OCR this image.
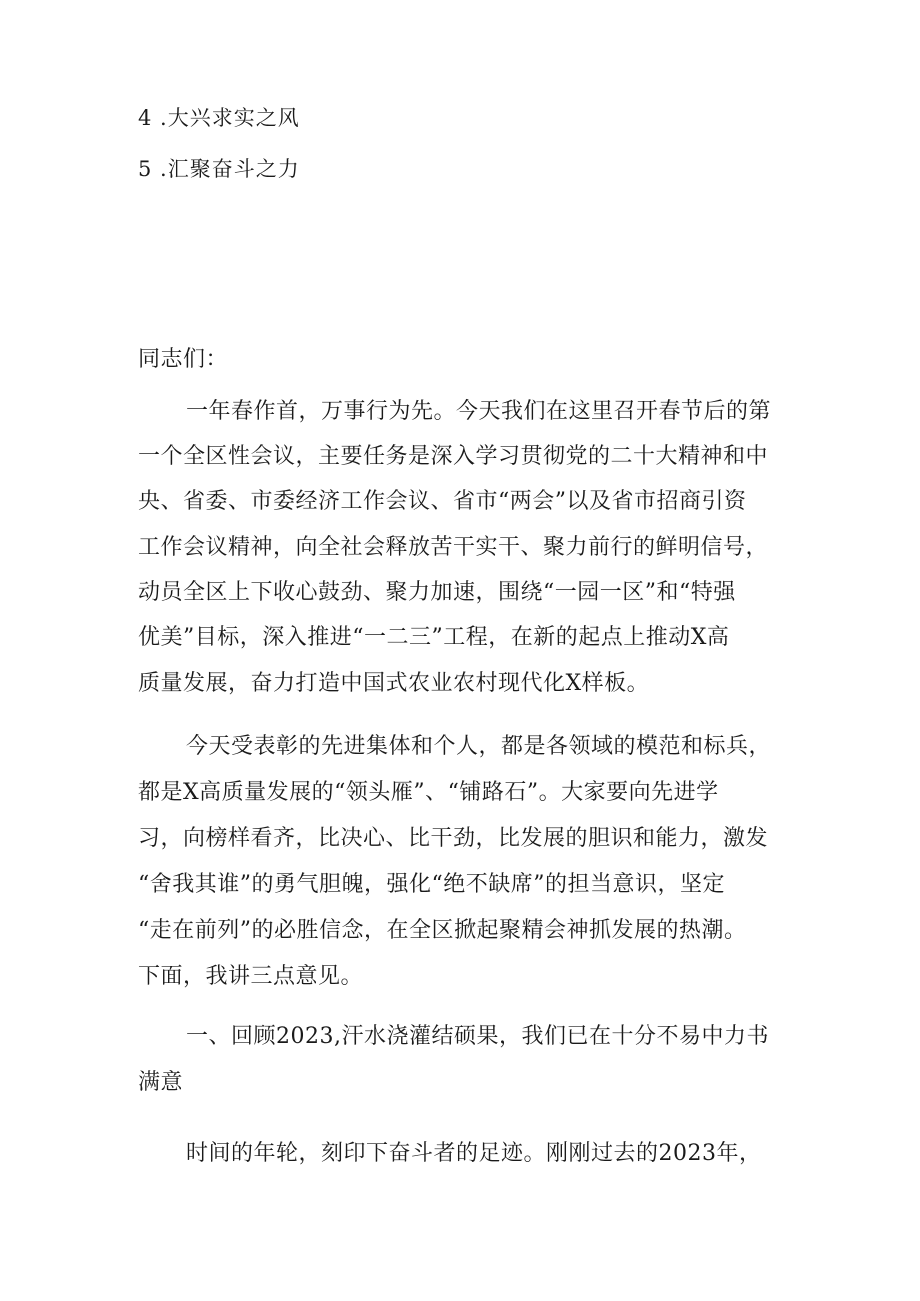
4 .大兴求实之风
5 .汇聚奋斗之力
同志们：
一年春作首，万事行为先。今天我们在这里召开春节后的第
一个全区性会议，主要任务是深入学习贯彻党的二十大精神和中
央、省委、市委经济工作会议、省市“两会”以及省市招商引资
工作会议精神，向全社会释放苦干实干、聚力前行的鲜明信号，
动员全区上下收心鼓劲、聚力加速，围绕“一园一区”和“特强
优美”目标，深入推进“一二三”工程，在新的起点上推动X高
质量发展，奋力打造中国式农业农村现代化X样板。
今天受表彰的先进集体和个人，都是各领域的模范和标兵，
都是X高质量发展的“领头雁”、“铺路石”。大家要向先进学
习，向榜样看齐，比决心、比干劲，比发展的胆识和能力，激发
“舍我其谁”的勇气胆魄，强化“绝不缺席”的担当意识，坚定
“走在前列”的必胜信念，在全区掀起聚精会神抓发展的热潮。
下面，我讲三点意见。
一、回顾2023,汗水浇灌结硕果，我们已在十分不易中力书
满意
时间的年轮，刻印下奋斗者的足迹。刚刚过去的2023年，
